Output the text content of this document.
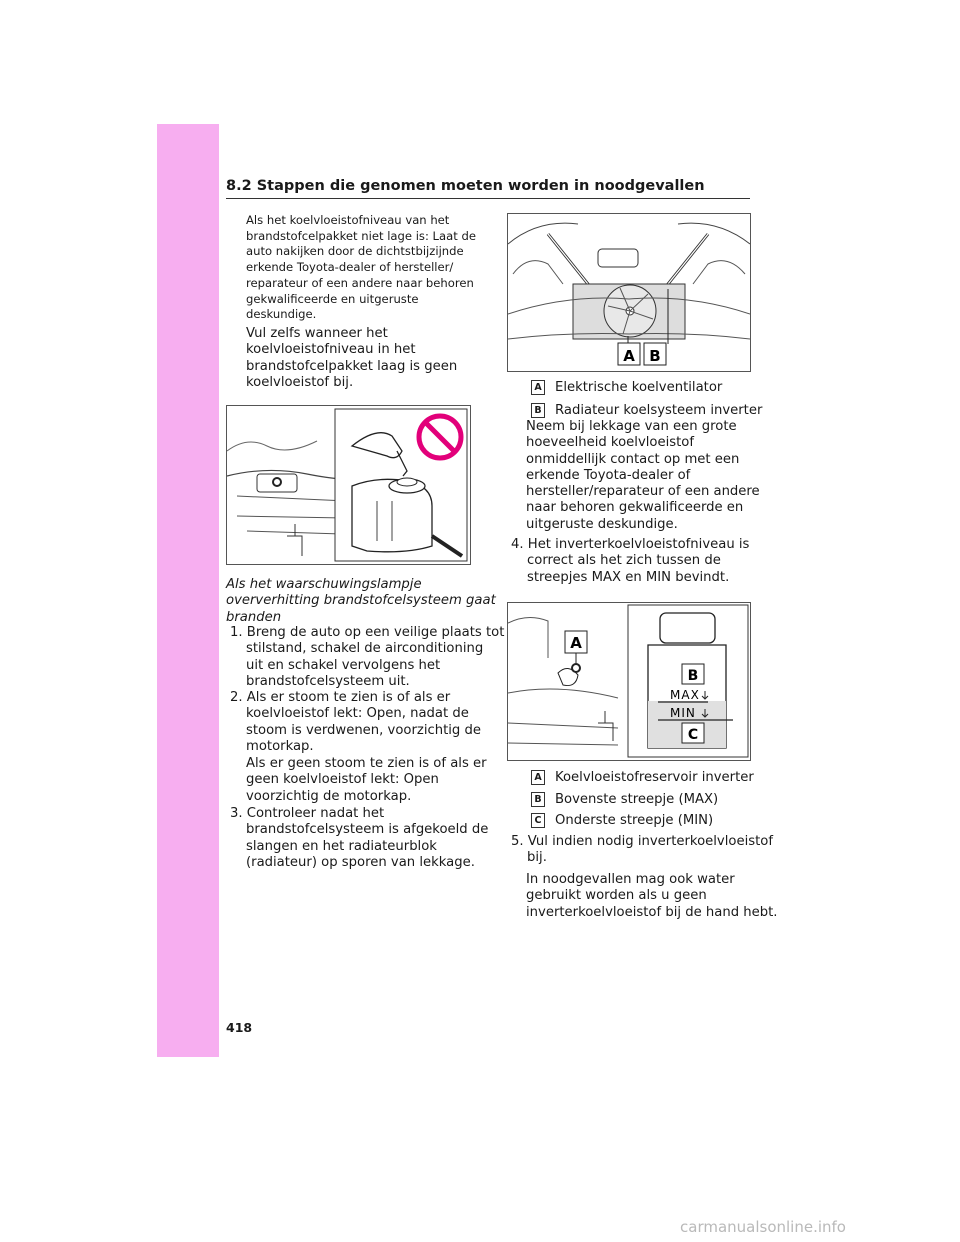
8.2 Stappen die genomen moeten worden in noodgevallen
Als het koelvloeistofniveau van het
brandstofcelpakket niet lage is: Laat de
auto nakijken door de dichtstbijzijnde
erkende Toyota-dealer of hersteller/
reparateur of een andere naar behoren
gekwalificeerde en uitgeruste
deskundige.
Vul zelfs wanneer het
koelvloeistofniveau in het
brandstofcelpakket laag is geen
koelvloeistof bij.
Als het waarschuwingslampje
oververhitting brandstofcelsysteem gaat
branden
1. Breng de auto op een veilige plaats tot
stilstand, schakel de airconditioning
uit en schakel vervolgens het
brandstofcelsysteem uit.
2. Als er stoom te zien is of als er
koelvloeistof lekt: Open, nadat de
stoom is verdwenen, voorzichtig de
motorkap.
Als er geen stoom te zien is of als er
geen koelvloeistof lekt: Open
voorzichtig de motorkap.
3. Controleer nadat het
brandstofcelsysteem is afgekoeld de
slangen en het radiateurblok
(radiateur) op sporen van lekkage.
A B
A Elektrische koelventilator
B Radiateur koelsysteem inverter
Neem bij lekkage van een grote
hoeveelheid koelvloeistof
onmiddellijk contact op met een
erkende Toyota-dealer of
hersteller/reparateur of een andere
naar behoren gekwalificeerde en
uitgeruste deskundige.
4. Het inverterkoelvloeistofniveau is
correct als het zich tussen de
streepjes MAX en MIN bevindt.
A
B
MAX
MIN
C
A Koelvloeistofreservoir inverter
B Bovenste streepje (MAX)
C Onderste streepje (MIN)
5. Vul indien nodig inverterkoelvloeistof
bij.
In noodgevallen mag ook water
gebruikt worden als u geen
inverterkoelvloeistof bij de hand hebt.
418
carmanualsonline.info
